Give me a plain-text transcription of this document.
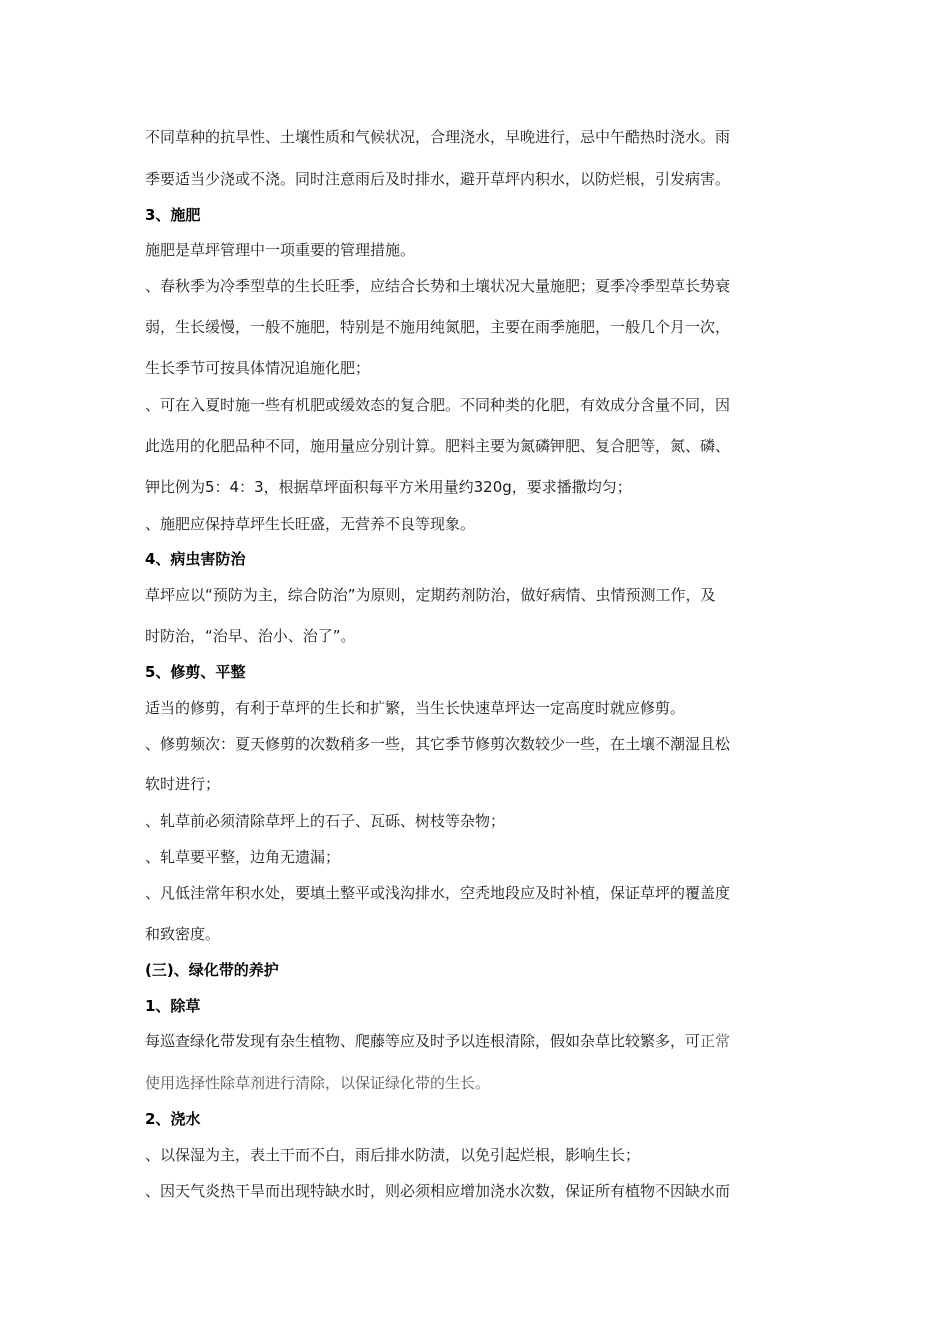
不同草种的抗旱性、土壤性质和气候状况，合理浇水，早晚进行，忌中午酷热时浇水。雨
季要适当少浇或不浇。同时注意雨后及时排水，避开草坪内积水，以防烂根，引发病害。
3、施肥
施肥是草坪管理中一项重要的管理措施。
、春秋季为冷季型草的生长旺季，应结合长势和土壤状况大量施肥；夏季冷季型草长势衰
弱，生长缓慢，一般不施肥，特别是不施用纯氮肥，主要在雨季施肥，一般几个月一次，
生长季节可按具体情况追施化肥；
、可在入夏时施一些有机肥或缓效态的复合肥。不同种类的化肥，有效成分含量不同，因
此选用的化肥品种不同，施用量应分别计算。肥料主要为氮磷钾肥、复合肥等，氮、磷、
钾比例为5：4：3，根据草坪面积每平方米用量约320g，要求播撒均匀；
、施肥应保持草坪生长旺盛，无营养不良等现象。
4、病虫害防治
草坪应以“预防为主，综合防治”为原则，定期药剂防治，做好病情、虫情预测工作，及
时防治，“治早、治小、治了”。
5、修剪、平整
适当的修剪，有利于草坪的生长和扩繁，当生长快速草坪达一定高度时就应修剪。
、修剪频次：夏天修剪的次数稍多一些，其它季节修剪次数较少一些，在土壤不潮湿且松
软时进行；
、轧草前必须清除草坪上的石子、瓦砾、树枝等杂物；
、轧草要平整，边角无遗漏；
、凡低洼常年积水处，要填土整平或浅沟排水，空秃地段应及时补植，保证草坪的覆盖度
和致密度。
(三)、绿化带的养护
1、除草
每巡查绿化带发现有杂生植物、爬藤等应及时予以连根清除，假如杂草比较繁多，可正常
使用选择性除草剂进行清除，以保证绿化带的生长。
2、浇水
、以保湿为主，表土干而不白，雨后排水防渍，以免引起烂根，影响生长；
、因天气炎热干旱而出现特缺水时，则必须相应增加浇水次数，保证所有植物不因缺水而
